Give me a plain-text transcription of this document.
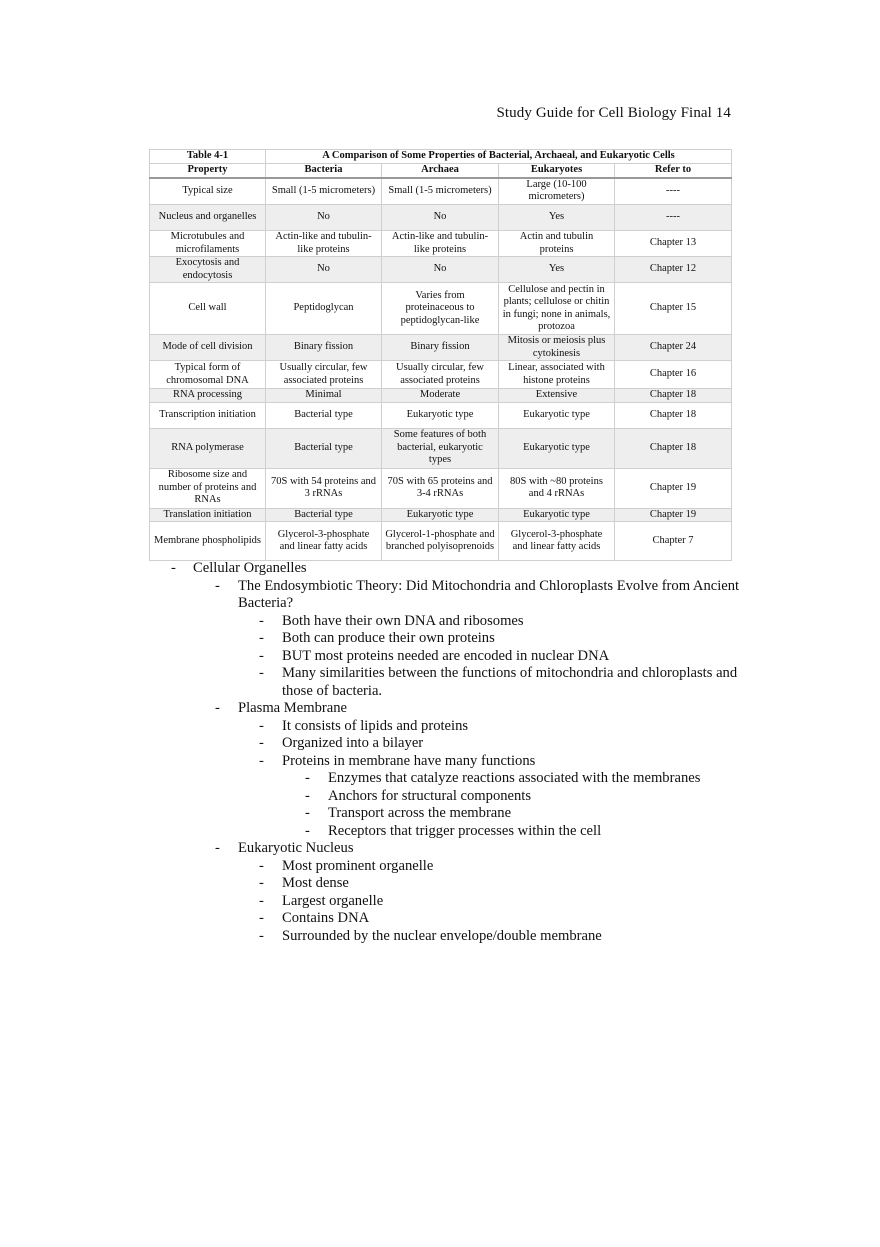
Study Guide for Cell Biology Final 14
Table 4-1	A Comparison of Some Properties of Bacterial, Archaeal, and Eukaryotic Cells			
Property	Bacteria	Archaea	Eukaryotes	Refer to
Typical size	Small (1-5 micrometers)	Small (1-5 micrometers)	Large (10-100 micrometers)	----
Nucleus and organelles	No	No	Yes	----
Microtubules and microfilaments	Actin-like and tubulin-like proteins	Actin-like and tubulin-like proteins	Actin and tubulin proteins	Chapter 13
Exocytosis and endocytosis	No	No	Yes	Chapter 12
Cell wall	Peptidoglycan	Varies from proteinaceous to peptidoglycan-like	Cellulose and pectin in plants; cellulose or chitin in fungi; none in animals, protozoa	Chapter 15
Mode of cell division	Binary fission	Binary fission	Mitosis or meiosis plus cytokinesis	Chapter 24
Typical form of chromosomal DNA	Usually circular, few associated proteins	Usually circular, few associated proteins	Linear, associated with histone proteins	Chapter 16
RNA processing	Minimal	Moderate	Extensive	Chapter 18
Transcription initiation	Bacterial type	Eukaryotic type	Eukaryotic type	Chapter 18
RNA polymerase	Bacterial type	Some features of both bacterial, eukaryotic types	Eukaryotic type	Chapter 18
Ribosome size and number of proteins and RNAs	70S with 54 proteins and 3 rRNAs	70S with 65 proteins and 3-4 rRNAs	80S with ~80 proteins and 4 rRNAs	Chapter 19
Translation initiation	Bacterial type	Eukaryotic type	Eukaryotic type	Chapter 19
Membrane phospholipids	Glycerol-3-phosphate and linear fatty acids	Glycerol-1-phosphate and branched polyisoprenoids	Glycerol-3-phosphate and linear fatty acids	Chapter 7
- Cellular Organelles
- The Endosymbiotic Theory: Did Mitochondria and Chloroplasts Evolve from Ancient Bacteria?
- Both have their own DNA and ribosomes
- Both can produce their own proteins
- BUT most proteins needed are encoded in nuclear DNA
- Many similarities between the functions of mitochondria and chloroplasts and those of bacteria.
- Plasma Membrane
- It consists of lipids and proteins
- Organized into a bilayer
- Proteins in membrane have many functions
- Enzymes that catalyze reactions associated with the membranes
- Anchors for structural components
- Transport across the membrane
- Receptors that trigger processes within the cell
- Eukaryotic Nucleus
- Most prominent organelle
- Most dense
- Largest organelle
- Contains DNA
- Surrounded by the nuclear envelope/double membrane
